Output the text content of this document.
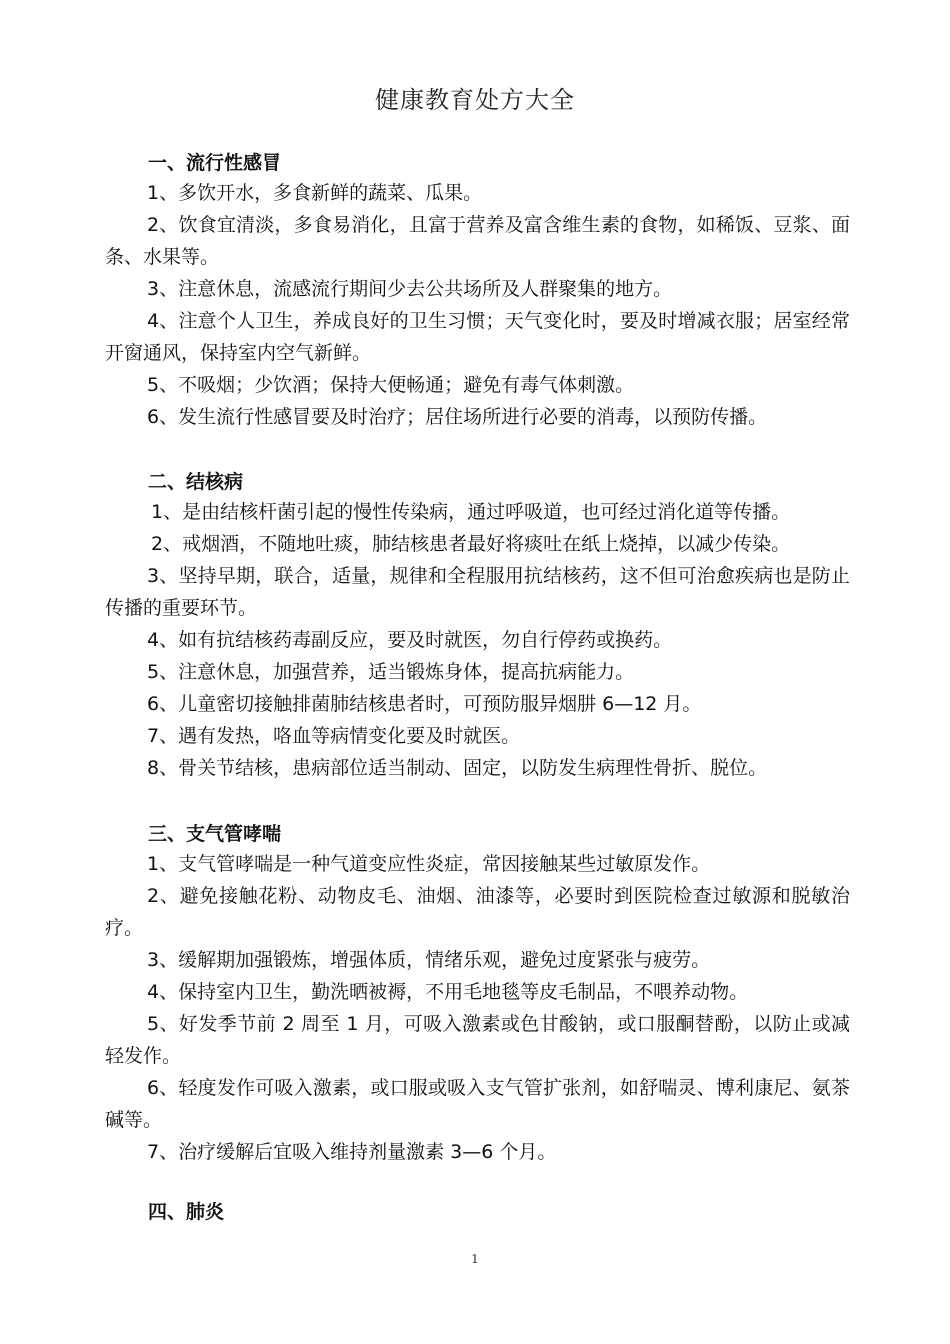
健康教育处方大全
一、流行性感冒
1、多饮开水，多食新鲜的蔬菜、瓜果。
2、饮食宜清淡，多食易消化，且富于营养及富含维生素的食物，如稀饭、豆浆、面条、水果等。
3、注意休息，流感流行期间少去公共场所及人群聚集的地方。
4、注意个人卫生，养成良好的卫生习惯；天气变化时，要及时增减衣服；居室经常开窗通风，保持室内空气新鲜。
5、不吸烟；少饮酒；保持大便畅通；避免有毒气体刺激。
6、发生流行性感冒要及时治疗；居住场所进行必要的消毒，以预防传播。
二、结核病
1、是由结核杆菌引起的慢性传染病，通过呼吸道，也可经过消化道等传播。
2、戒烟酒，不随地吐痰，肺结核患者最好将痰吐在纸上烧掉，以减少传染。
3、坚持早期，联合，适量，规律和全程服用抗结核药，这不但可治愈疾病也是防止传播的重要环节。
4、如有抗结核药毒副反应，要及时就医，勿自行停药或换药。
5、注意休息，加强营养，适当锻炼身体，提高抗病能力。
6、儿童密切接触排菌肺结核患者时，可预防服异烟肼 6—12 月。
7、遇有发热，咯血等病情变化要及时就医。
8、骨关节结核，患病部位适当制动、固定，以防发生病理性骨折、脱位。
三、支气管哮喘
1、支气管哮喘是一种气道变应性炎症，常因接触某些过敏原发作。
2、避免接触花粉、动物皮毛、油烟、油漆等，必要时到医院检查过敏源和脱敏治疗。
3、缓解期加强锻炼，增强体质，情绪乐观，避免过度紧张与疲劳。
4、保持室内卫生，勤洗晒被褥，不用毛地毯等皮毛制品，不喂养动物。
5、好发季节前 2 周至 1 月，可吸入激素或色甘酸钠，或口服酮替酚，以防止或减轻发作。
6、轻度发作可吸入激素，或口服或吸入支气管扩张剂，如舒喘灵、博利康尼、氨茶碱等。
7、治疗缓解后宜吸入维持剂量激素 3—6 个月。
四、肺炎
1
